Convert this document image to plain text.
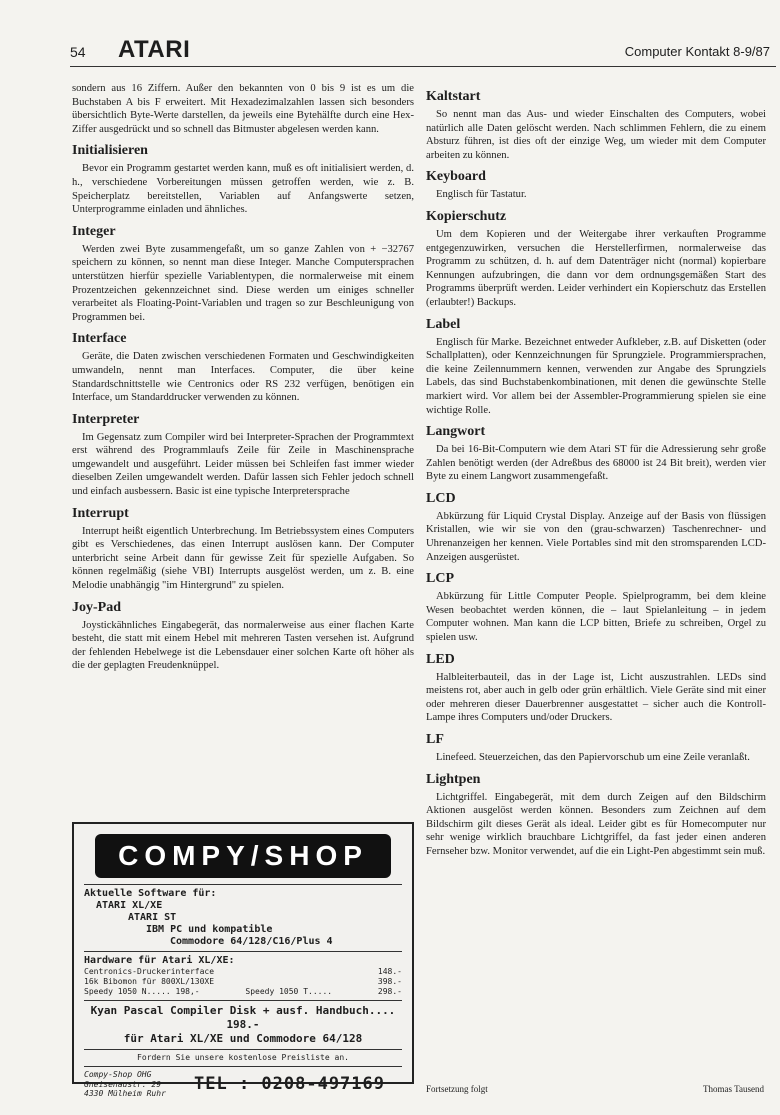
54 ATARI	Computer Kontakt 8-9/87

sondern aus 16 Ziffern. Außer den bekannten von 0 bis 9 ist es um die Buchstaben A bis F erweitert. Mit Hexadezimalzahlen lassen sich besonders übersichtlich Byte-Werte darstellen, da jeweils eine Bytehälfte durch eine Hex-Ziffer ausgedrückt und so schnell das Bitmuster abgelesen werden kann.

Initialisieren

Bevor ein Programm gestartet werden kann, muß es oft initialisiert werden, d. h., verschiedene Vorbereitungen müssen getroffen werden, wie z. B. Speicherplatz bereitstellen, Variablen auf Anfangswerte setzen, Unterprogramme einladen und ähnliches.

Integer

Werden zwei Byte zusammengefaßt, um so ganze Zahlen von + −32767 speichern zu können, so nennt man diese Integer. Manche Computersprachen unterstützen hierfür spezielle Variablentypen, die normalerweise mit einem Prozentzeichen gekennzeichnet sind. Diese werden um einiges schneller verarbeitet als Floating-Point-Variablen und tragen so zur Beschleunigung von Programmen bei.

Interface

Geräte, die Daten zwischen verschiedenen Formaten und Geschwindigkeiten umwandeln, nennt man Interfaces. Computer, die über keine Standardschnittstelle wie Centronics oder RS 232 verfügen, benötigen ein Interface, um Standarddrucker verwenden zu können.

Interpreter

Im Gegensatz zum Compiler wird bei Interpreter-Sprachen der Programmtext erst während des Programmlaufs Zeile für Zeile in Maschinensprache umgewandelt und ausgeführt. Leider müssen bei Schleifen fast immer wieder dieselben Zeilen umgewandelt werden. Dafür lassen sich Fehler jedoch schnell und einfach ausbessern. Basic ist eine typische Interpretersprache

Interrupt

Interrupt heißt eigentlich Unterbrechung. Im Betriebssystem eines Computers gibt es Verschiedenes, das einen Interrupt auslösen kann. Der Computer unterbricht seine Arbeit dann für gewisse Zeit für spezielle Aufgaben. So können regelmäßig (siehe VBI) Interrupts ausgelöst werden, um z. B. eine Melodie unabhängig "im Hintergrund" zu spielen.

Joy-Pad

Joystickähnliches Eingabegerät, das normalerweise aus einer flachen Karte besteht, die statt mit einem Hebel mit mehreren Tasten versehen ist. Aufgrund der fehlenden Hebelwege ist die Lebensdauer einer solchen Karte oft höher als die der geplagten Freudenknüppel.

Kaltstart

So nennt man das Aus- und wieder Einschalten des Computers, wobei natürlich alle Daten gelöscht werden. Nach schlimmen Fehlern, die zu einem Absturz führen, ist dies oft der einzige Weg, um wieder mit dem Computer arbeiten zu können.

Keyboard

Englisch für Tastatur.

Kopierschutz

Um dem Kopieren und der Weitergabe ihrer verkauften Programme entgegenzuwirken, versuchen die Herstellerfirmen, normalerweise das Programm zu schützen, d. h. auf dem Datenträger nicht (normal) kopierbare Kennungen aufzubringen, die dann vor dem ordnungsgemäßen Start des Programms überprüft werden. Leider verhindert ein Kopierschutz das Erstellen (erlaubter!) Backups.

Label

Englisch für Marke. Bezeichnet entweder Aufkleber, z.B. auf Disketten (oder Schallplatten), oder Kennzeichnungen für Sprungziele. Programmiersprachen, die keine Zeilennummern kennen, verwenden zur Angabe des Sprungziels Labels, das sind Buchstabenkombinationen, mit denen die gewünschte Stelle markiert wird. Vor allem bei der Assembler-Programmierung spielen sie eine wichtige Rolle.

Langwort

Da bei 16-Bit-Computern wie dem Atari ST für die Adressierung sehr große Zahlen benötigt werden (der Adreßbus des 68000 ist 24 Bit breit), werden vier Byte zu einem Langwort zusammengefaßt.

LCD

Abkürzung für Liquid Crystal Display. Anzeige auf der Basis von flüssigen Kristallen, wie wir sie von den (grau-schwarzen) Taschenrechner- und Uhrenanzeigen her kennen. Viele Portables sind mit den stromsparenden LCD-Anzeigen ausgerüstet.

LCP

Abkürzung für Little Computer People. Spielprogramm, bei dem kleine Wesen beobachtet werden können, die – laut Spielanleitung – in jedem Computer wohnen. Man kann die LCP bitten, Briefe zu schreiben, Orgel zu spielen usw.

LED

Halbleiterbauteil, das in der Lage ist, Licht auszustrahlen. LEDs sind meistens rot, aber auch in gelb oder grün erhältlich. Viele Geräte sind mit einer oder mehreren dieser Dauerbrenner ausgestattet – sicher auch die Kontroll-Lampe ihres Computers und/oder Druckers.

LF

Linefeed. Steuerzeichen, das den Papiervorschub um eine Zeile veranlaßt.

Lightpen

Lichtgriffel. Eingabegerät, mit dem durch Zeigen auf den Bildschirm Aktionen ausgelöst werden können. Besonders zum Zeichnen auf dem Bildschirm gilt dieses Gerät als ideal. Leider gibt es für Homecomputer nur sehr wenige wirklich brauchbare Lichtgriffel, da fast jeder einen anderen Fernseher bzw. Monitor verwendet, auf die ein Light-Pen abgestimmt sein muß.

COMPY/SHOP
Aktuelle Software für:
ATARI XL/XE
ATARI ST
IBM PC und kompatible
Commodore 64/128/C16/Plus 4
Hardware für Atari XL/XE:
Centronics-Druckerinterface	148.-
16k Bibomon für 800XL/130XE	398.-
Speedy 1050 N..... 198,-	Speedy 1050 T.....	298.-
Kyan Pascal Compiler Disk + ausf. Handbuch.... 198.-
für Atari XL/XE und Commodore 64/128
Fordern Sie unsere kostenlose Preisliste an.
Compy-Shop OHG
Gneisenaustr. 29
4330 Mülheim Ruhr	TEL : 0208-497169	Fortsetzung folgt	Thomas Tausend
